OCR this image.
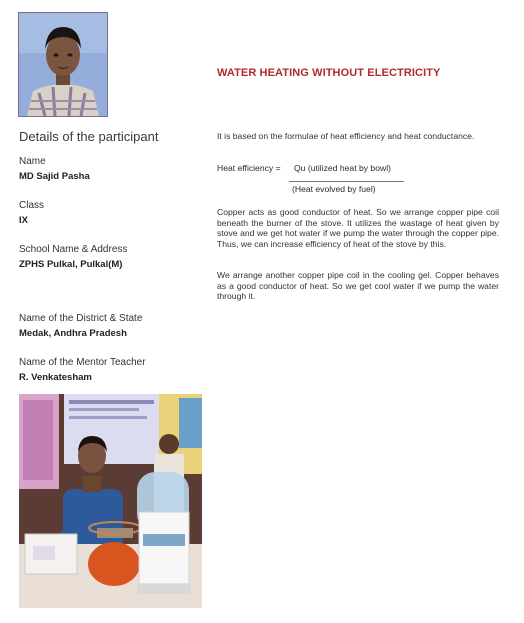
Details of the participant
Name
MD Sajid Pasha
Class
IX
School Name & Address
ZPHS Pulkal, Pulkal(M)
Name of the District & State
Medak, Andhra Pradesh
Name of the Mentor Teacher
R. Venkatesham
WATER HEATING WITHOUT ELECTRICITY
It is based on the formulae of heat efficiency and heat conductance.
Heat efficiency = Qu (utilized heat by bowl)
(Heat evolved by fuel)
Copper acts as good conductor of heat. So we arrange copper pipe coil beneath the burner of the stove. It utilizes the wastage of heat given by stove and we get hot water if we pump the water through the copper pipe. Thus, we can increase efficiency of heat of the stove by this.
We arrange another copper pipe coil in the cooling gel. Copper behaves as a good conductor of heat. So we get cool water if we pump the water through it.
